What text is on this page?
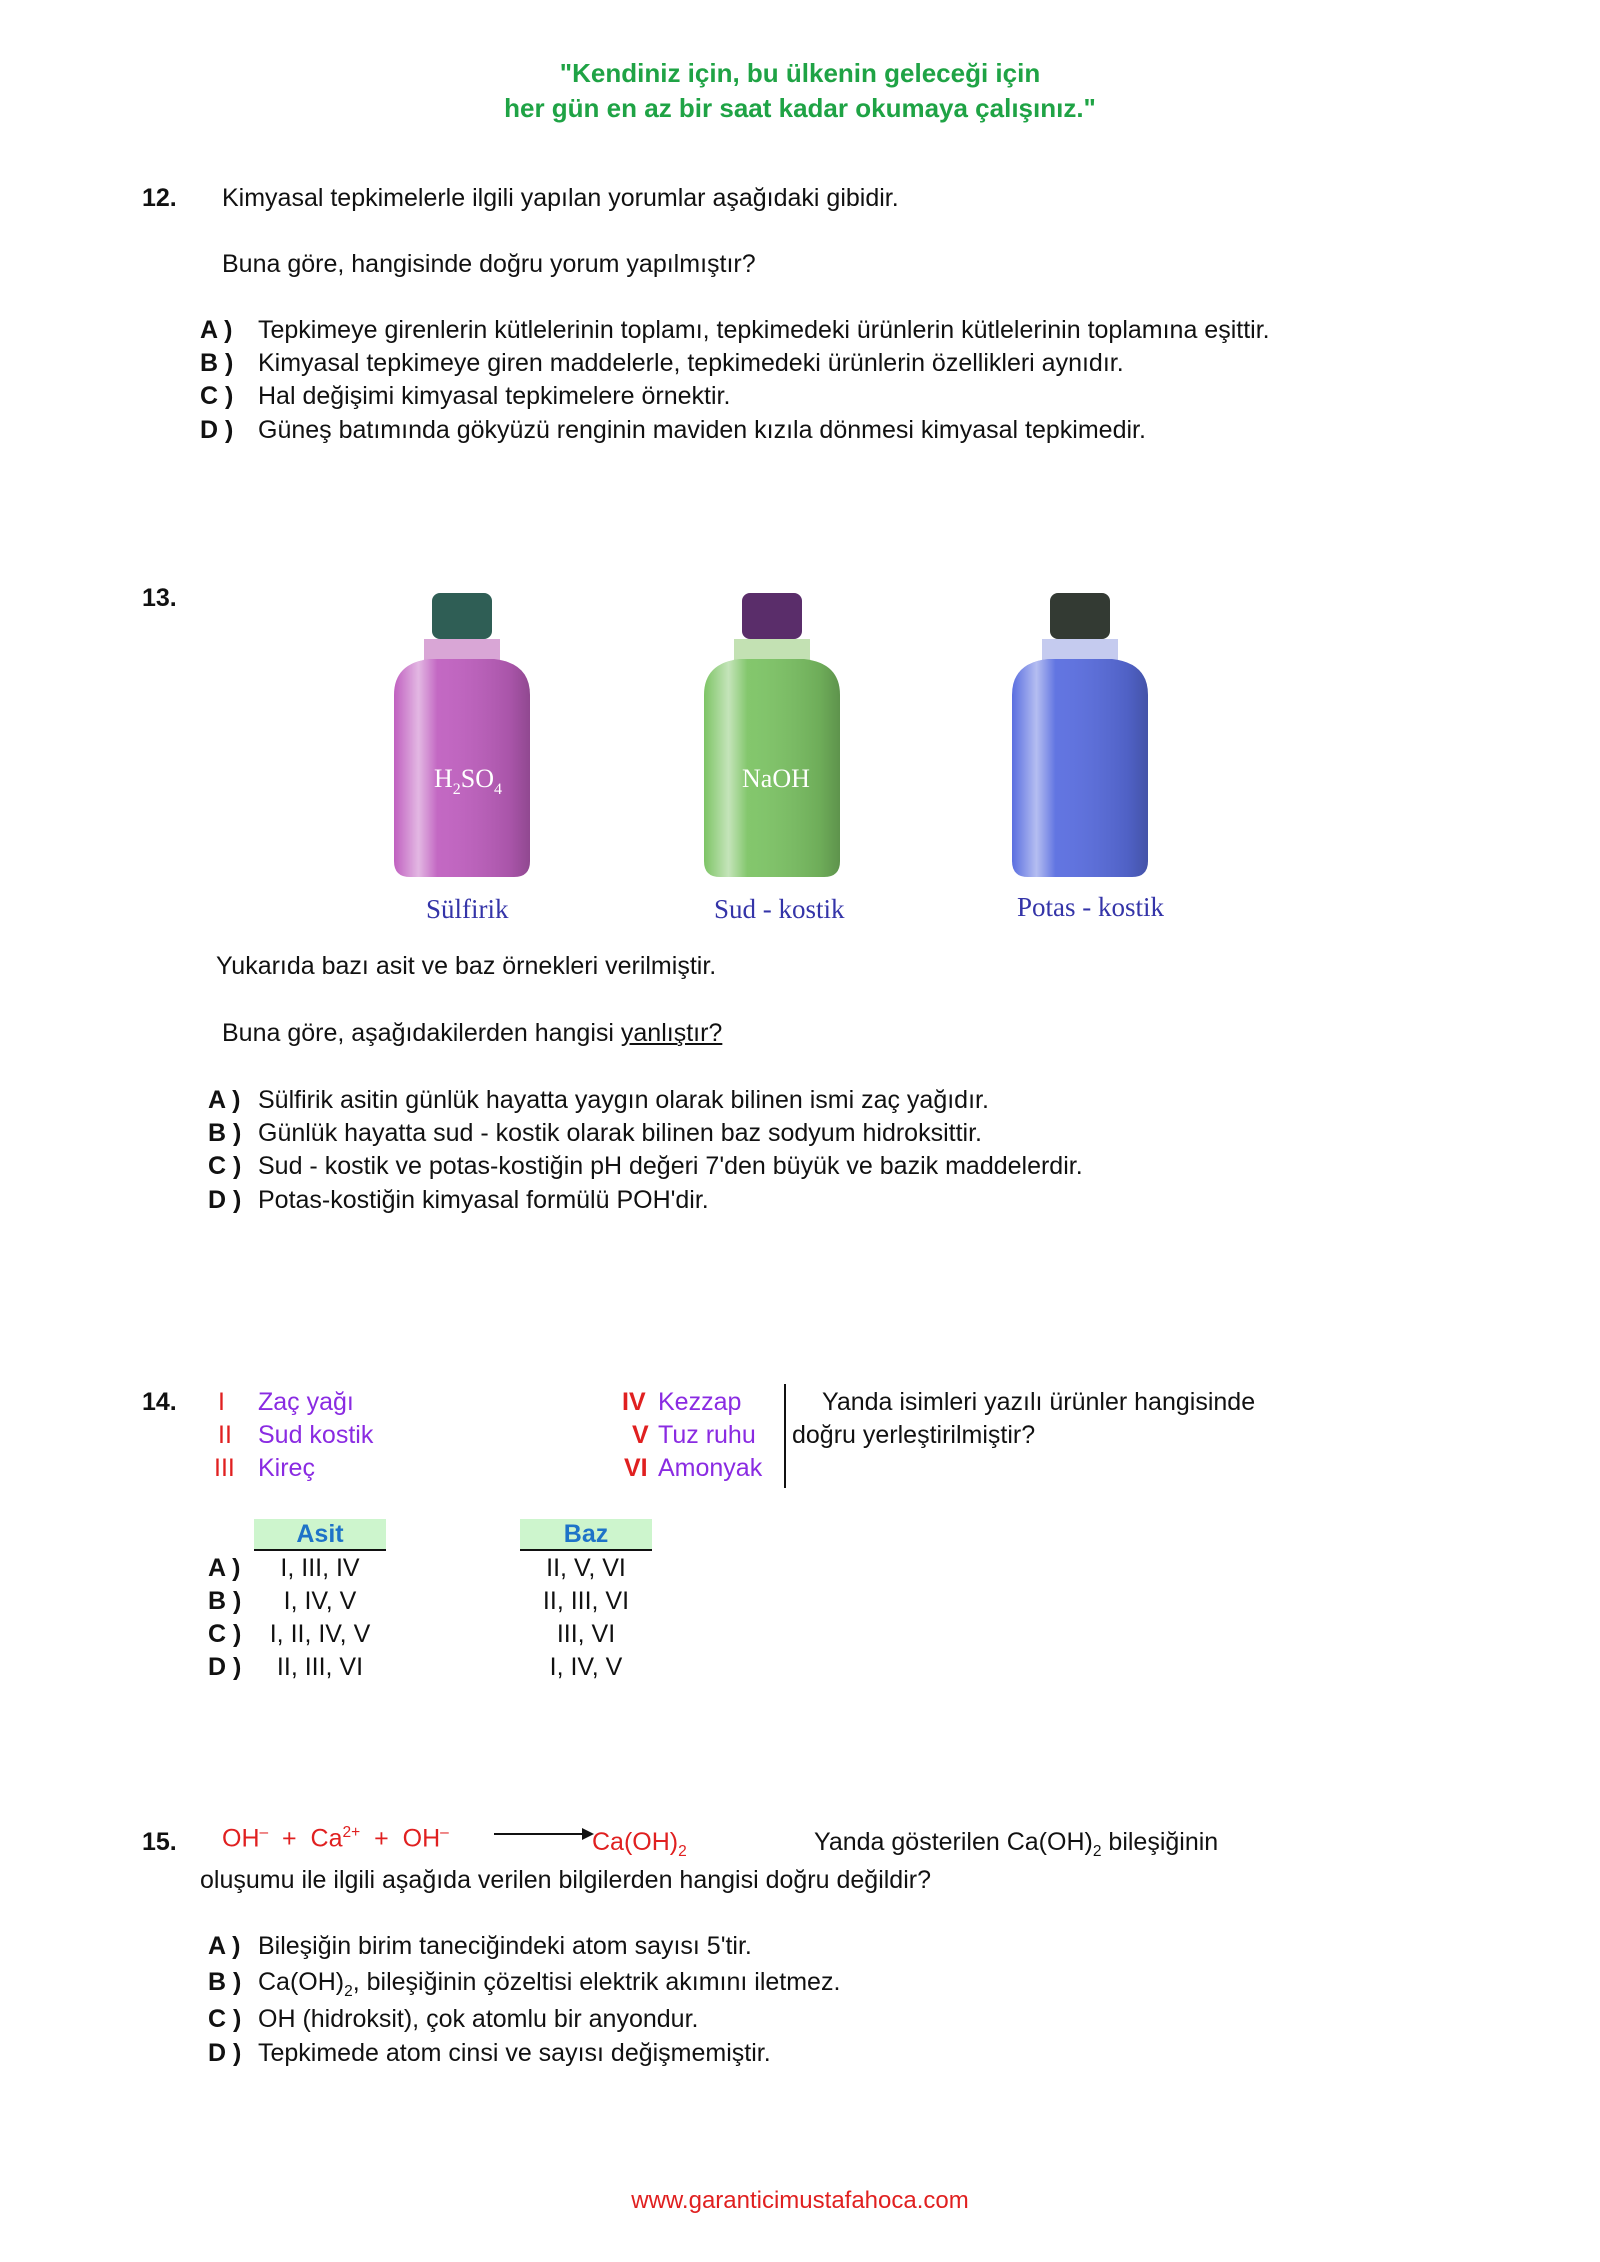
"Kendiniz için, bu ülkenin geleceği için
her gün en az bir saat kadar okumaya çalışınız."
12. Kimyasal tepkimelerle ilgili yapılan yorumlar aşağıdaki gibidir.
Buna göre, hangisinde doğru yorum yapılmıştır?
A ) Tepkimeye girenlerin kütlelerinin toplamı, tepkimedeki ürünlerin kütlelerinin toplamına eşittir.
B ) Kimyasal tepkimeye giren maddelerle, tepkimedeki ürünlerin özellikleri aynıdır.
C ) Hal değişimi kimyasal tepkimelere örnektir.
D ) Güneş batımında gökyüzü renginin maviden kızıla dönmesi kimyasal tepkimedir.
13.
$H_2SO_4$	NaOH
Sülfirik	Sud - kostik	Potas - kostik
Yukarıda bazı asit ve baz örnekleri verilmiştir.
Buna göre, aşağıdakilerden hangisi yanlıştır?
A ) Sülfirik asitin günlük hayatta yaygın olarak bilinen ismi zaç yağıdır.
B ) Günlük hayatta sud - kostik olarak bilinen baz sodyum hidroksittir.
C ) Sud - kostik ve potas-kostiğin pH değeri 7'den büyük ve bazik maddelerdir.
D ) Potas-kostiğin kimyasal formülü POH'dir.
14. I Zaç yağı
II Sud kostik
III Kireç
IV Kezzap
V Tuz ruhu
VI Amonyak
Yanda isimleri yazılı ürünler hangisinde
doğru yerleştirilmiştir?
Asit	Baz
A )	I, III, IV	II, V, VI
B )	I, IV, V	II, III, VI
C )	I, II, IV, V	III, VI
D )	II, III, VI	I, IV, V
15. $OH^- + Ca^{2+} + OH^-$	$Ca(OH)_2$	Yanda gösterilen $Ca(OH)_2$ bileşiğinin
oluşumu ile ilgili aşağıda verilen bilgilerden hangisi doğru değildir?
A ) Bileşiğin birim taneciğindeki atom sayısı 5'tir.
B ) $Ca(OH)_2$, bileşiğinin çözeltisi elektrik akımını iletmez.
C ) OH (hidroksit), çok atomlu bir anyondur.
D ) Tepkimede atom cinsi ve sayısı değişmemiştir.
www.garanticimustafahoca.com
